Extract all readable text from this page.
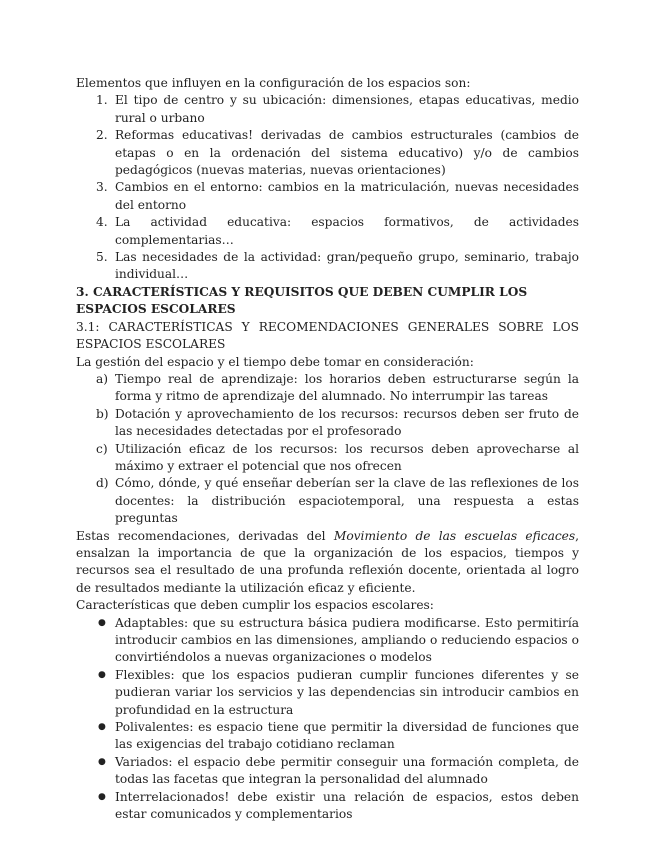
Elementos que influyen en la configuración de los espacios son:
1. El tipo de centro y su ubicación: dimensiones, etapas educativas, medio rural o urbano
2. Reformas educativas! derivadas de cambios estructurales (cambios de etapas o en la ordenación del sistema educativo) y/o de cambios pedagógicos (nuevas materias, nuevas orientaciones)
3. Cambios en el entorno: cambios en la matriculación, nuevas necesidades del entorno
4. La actividad educativa: espacios formativos, de actividades complementarias…
5. Las necesidades de la actividad: gran/pequeño grupo, seminario, trabajo individual…
3. CARACTERÍSTICAS Y REQUISITOS QUE DEBEN CUMPLIR LOS ESPACIOS ESCOLARES
3.1: CARACTERÍSTICAS Y RECOMENDACIONES GENERALES SOBRE LOS ESPACIOS ESCOLARES
La gestión del espacio y el tiempo debe tomar en consideración:
a) Tiempo real de aprendizaje: los horarios deben estructurarse según la forma y ritmo de aprendizaje del alumnado. No interrumpir las tareas
b) Dotación y aprovechamiento de los recursos: recursos deben ser fruto de las necesidades detectadas por el profesorado
c) Utilización eficaz de los recursos: los recursos deben aprovecharse al máximo y extraer el potencial que nos ofrecen
d) Cómo, dónde, y qué enseñar deberían ser la clave de las reflexiones de los docentes: la distribución espaciotemporal, una respuesta a estas preguntas
Estas recomendaciones, derivadas del Movimiento de las escuelas eficaces, ensalzan la importancia de que la organización de los espacios, tiempos y recursos sea el resultado de una profunda reflexión docente, orientada al logro de resultados mediante la utilización eficaz y eficiente.
Características que deben cumplir los espacios escolares:
● Adaptables: que su estructura básica pudiera modificarse. Esto permitiría introducir cambios en las dimensiones, ampliando o reduciendo espacios o convirtiéndolos a nuevas organizaciones o modelos
● Flexibles: que los espacios pudieran cumplir funciones diferentes y se pudieran variar los servicios y las dependencias sin introducir cambios en profundidad en la estructura
● Polivalentes: es espacio tiene que permitir la diversidad de funciones que las exigencias del trabajo cotidiano reclaman
● Variados: el espacio debe permitir conseguir una formación completa, de todas las facetas que integran la personalidad del alumnado
● Interrelacionados! debe existir una relación de espacios, estos deben estar comunicados y complementarios
